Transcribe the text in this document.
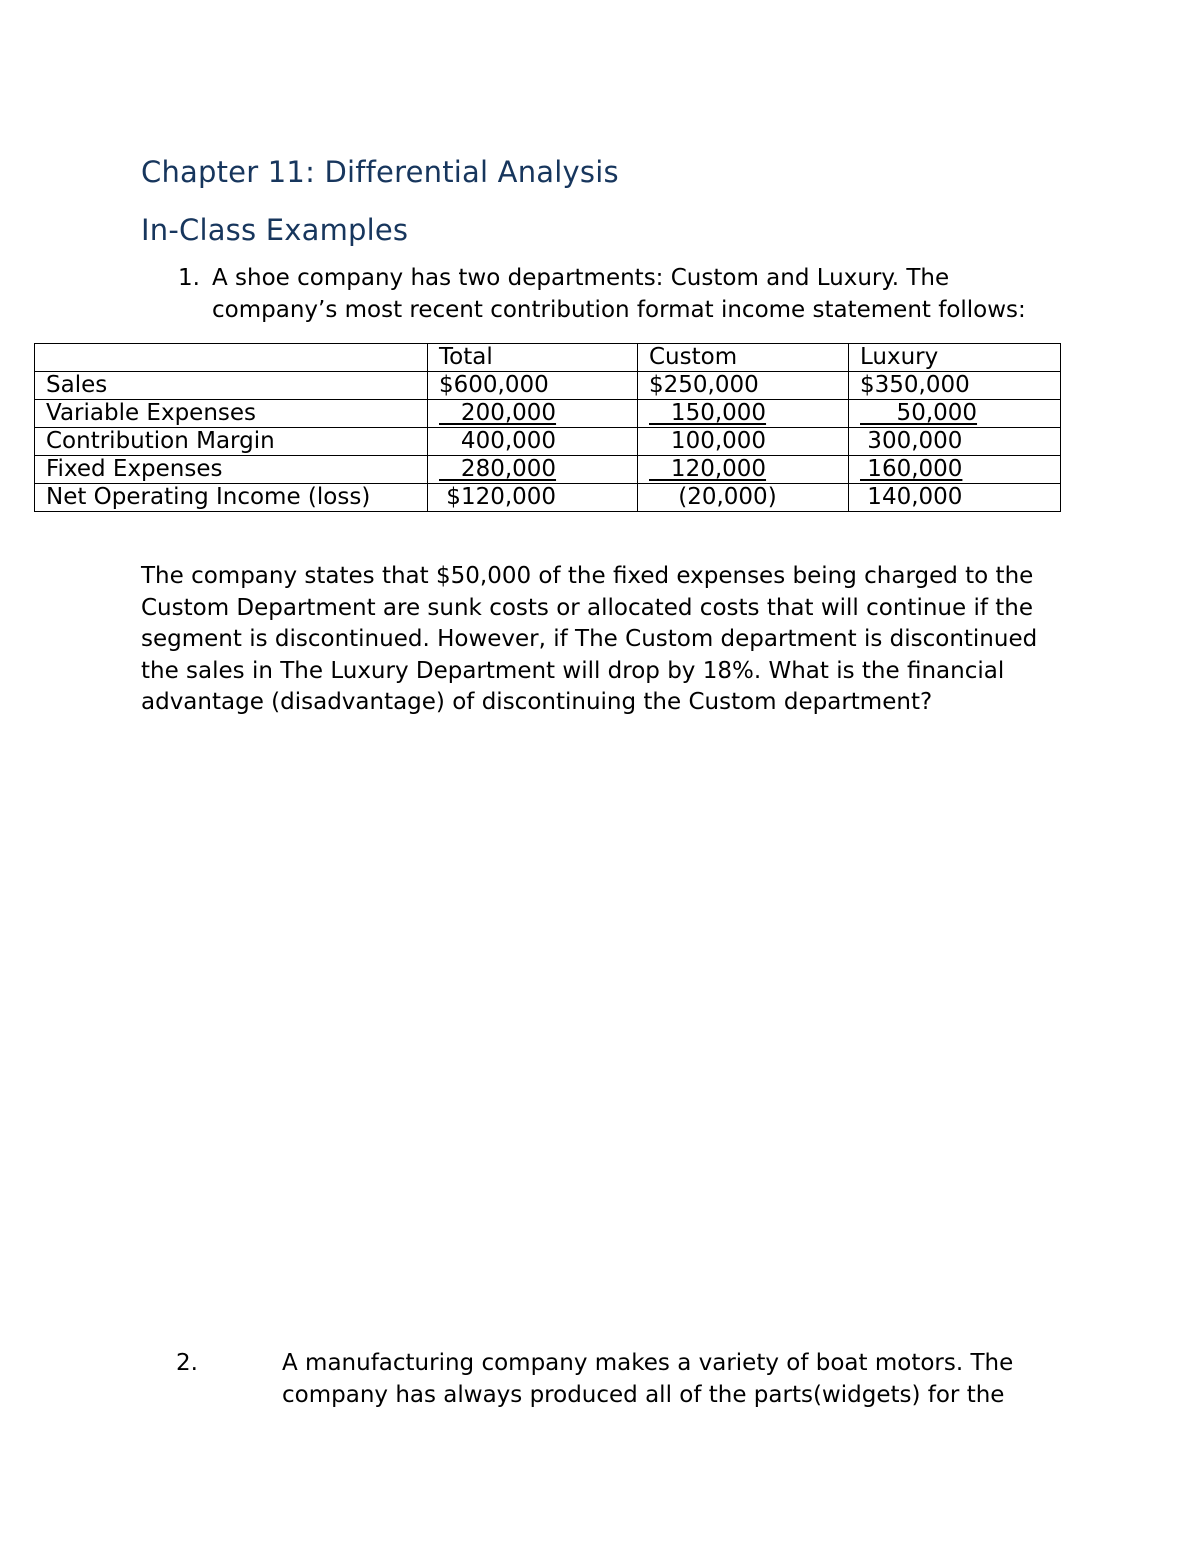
Chapter 11: Differential Analysis
In-Class Examples
1. A shoe company has two departments: Custom and Luxury. The company’s most recent contribution format income statement follows:
	Total	Custom	Luxury
Sales	$600,000	$250,000	$350,000
Variable Expenses	200,000	150,000	50,000
Contribution Margin	400,000	100,000	300,000
Fixed Expenses	280,000	120,000	160,000
Net Operating Income (loss)	$120,000	(20,000)	140,000
The company states that $50,000 of the fixed expenses being charged to the Custom Department are sunk costs or allocated costs that will continue if the segment is discontinued. However, if The Custom department is discontinued the sales in The Luxury Department will drop by 18%. What is the financial advantage (disadvantage) of discontinuing the Custom department?
2.	A manufacturing company makes a variety of boat motors. The company has always produced all of the parts(widgets) for the
